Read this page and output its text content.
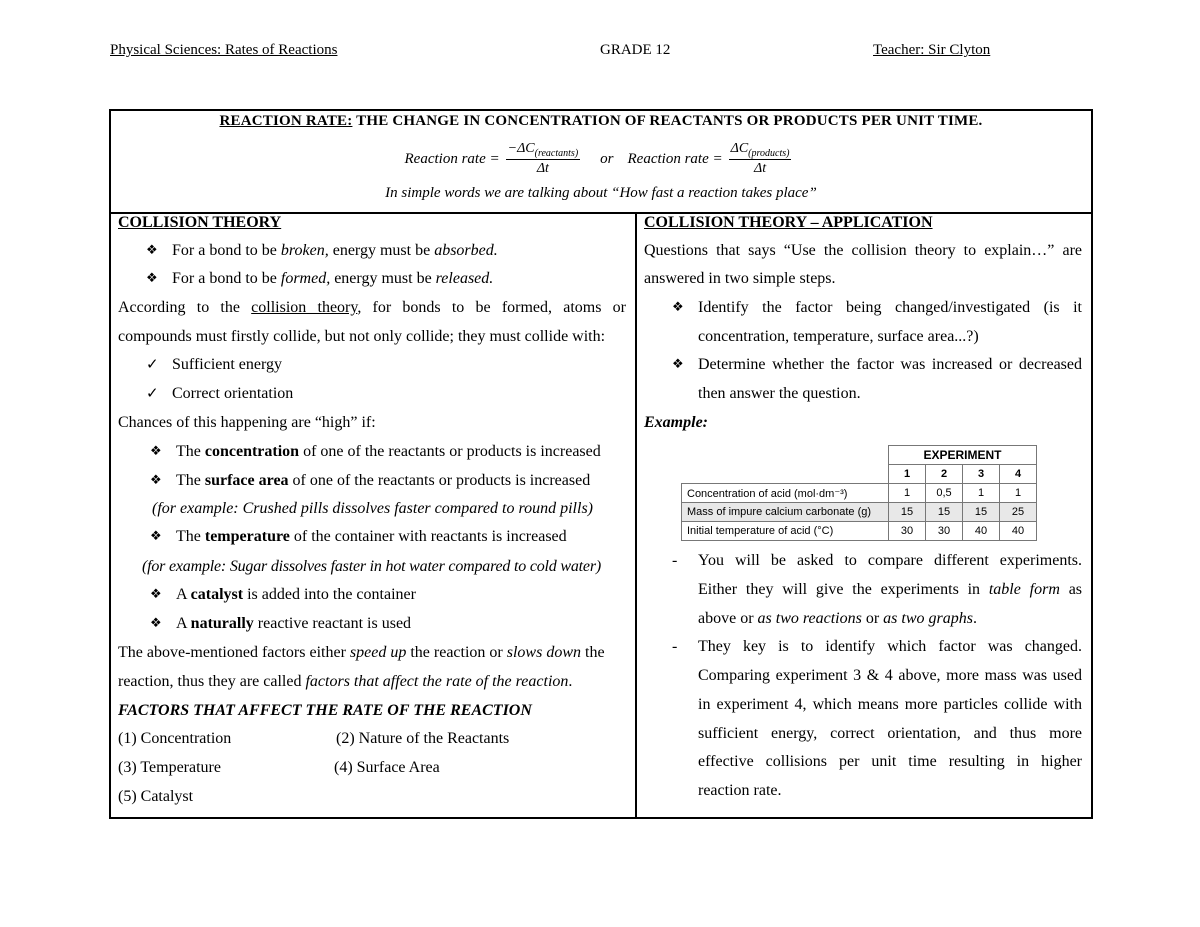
Physical Sciences: Rates of Reactions	GRADE 12	Teacher: Sir Clyton
REACTION RATE: THE CHANGE IN CONCENTRATION OF REACTANTS OR PRODUCTS PER UNIT TIME.
Reaction rate = $\frac{-\Delta C_{(reactants)}}{\Delta t}$ or Reaction rate = $\frac{\Delta C_{(products)}}{\Delta t}$
In simple words we are talking about “How fast a reaction takes place”
COLLISION THEORY
❖ For a bond to be broken, energy must be absorbed.
❖ For a bond to be formed, energy must be released.
According to the collision theory, for bonds to be formed, atoms or
compounds must firstly collide, but not only collide; they must collide with:
✓ Sufficient energy
✓ Correct orientation
Chances of this happening are “high” if:
❖ The concentration of one of the reactants or products is increased
❖ The surface area of one of the reactants or products is increased
(for example: Crushed pills dissolves faster compared to round pills)
❖ The temperature of the container with reactants is increased
(for example: Sugar dissolves faster in hot water compared to cold water)
❖ A catalyst is added into the container
❖ A naturally reactive reactant is used
The above-mentioned factors either speed up the reaction or slows down the
reaction, thus they are called factors that affect the rate of the reaction.
FACTORS THAT AFFECT THE RATE OF THE REACTION
(1) Concentration	(2) Nature of the Reactants
(3) Temperature	(4) Surface Area
(5) Catalyst
COLLISION THEORY – APPLICATION
Questions that says “Use the collision theory to explain…” are
answered in two simple steps.
❖ Identify the factor being changed/investigated (is it
concentration, temperature, surface area...?)
❖ Determine whether the factor was increased or decreased
then answer the question.
Example:
	EXPERIMENT			
	1	2	3	4
Concentration of acid (mol·dm⁻³)	1	0,5	1	1
Mass of impure calcium carbonate (g)	15	15	15	25
Initial temperature of acid (°C)	30	30	40	40
- You will be asked to compare different experiments.
Either they will give the experiments in table form as
above or as two reactions or as two graphs.
- They key is to identify which factor was changed.
Comparing experiment 3 & 4 above, more mass was used
in experiment 4, which means more particles collide with
sufficient energy, correct orientation, and thus more
effective collisions per unit time resulting in higher
reaction rate.
